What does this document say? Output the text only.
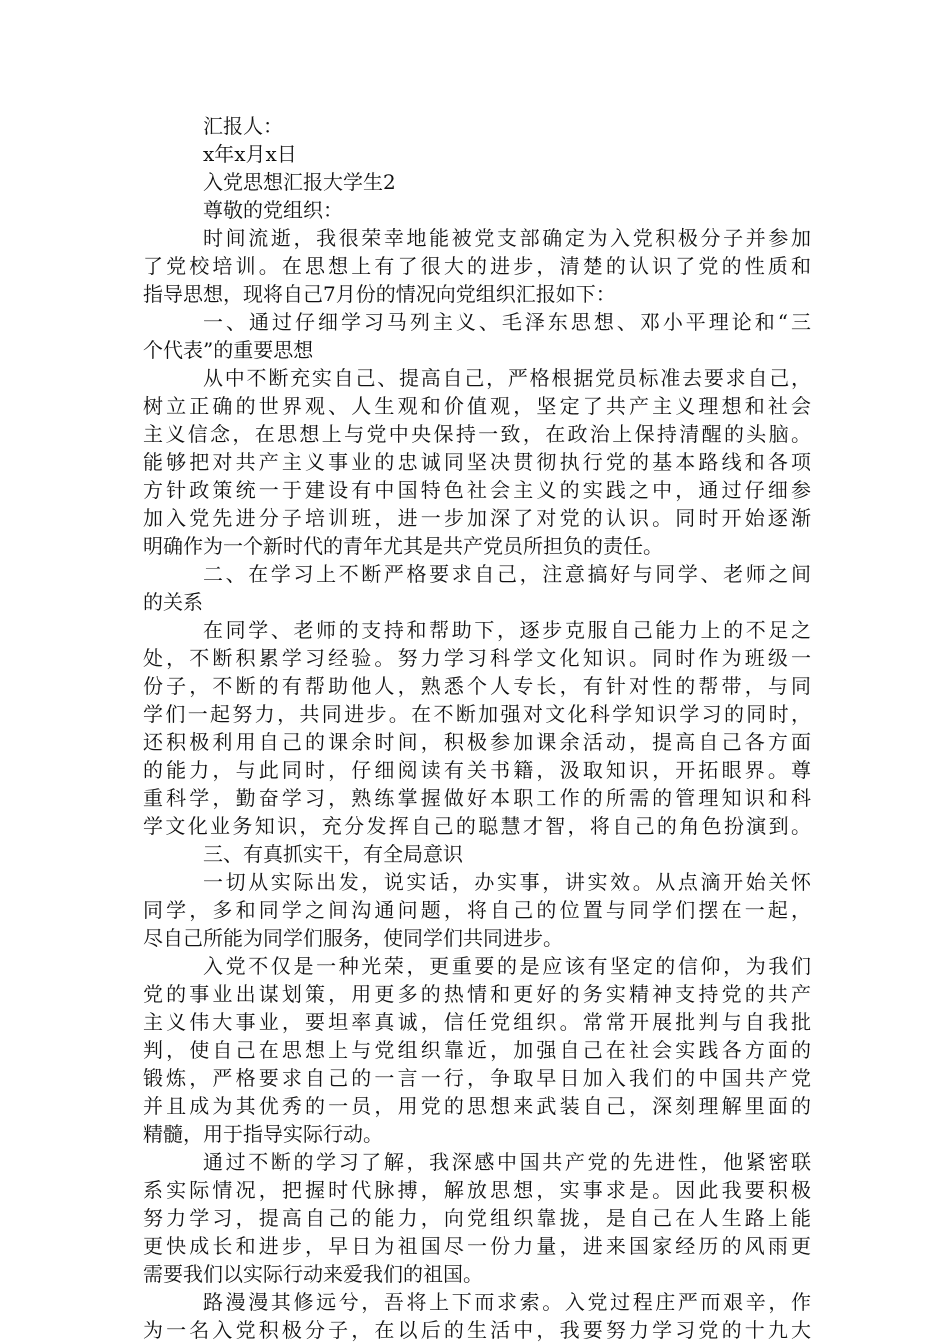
汇报人：
x年x月x日
入党思想汇报大学生2
尊敬的党组织：
时间流逝，我很荣幸地能被党支部确定为入党积极分子并参加
了党校培训。在思想上有了很大的进步，清楚的认识了党的性质和
指导思想，现将自己7月份的情况向党组织汇报如下：
一、通过仔细学习马列主义、毛泽东思想、邓小平理论和“三
个代表”的重要思想
从中不断充实自己、提高自己，严格根据党员标准去要求自己，
树立正确的世界观、人生观和价值观，坚定了共产主义理想和社会
主义信念，在思想上与党中央保持一致，在政治上保持清醒的头脑。
能够把对共产主义事业的忠诚同坚决贯彻执行党的基本路线和各项
方针政策统一于建设有中国特色社会主义的实践之中，通过仔细参
加入党先进分子培训班，进一步加深了对党的认识。同时开始逐渐
明确作为一个新时代的青年尤其是共产党员所担负的责任。
二、在学习上不断严格要求自己，注意搞好与同学、老师之间
的关系
在同学、老师的支持和帮助下，逐步克服自己能力上的不足之
处，不断积累学习经验。努力学习科学文化知识。同时作为班级一
份子，不断的有帮助他人，熟悉个人专长，有针对性的帮带，与同
学们一起努力，共同进步。在不断加强对文化科学知识学习的同时，
还积极利用自己的课余时间，积极参加课余活动，提高自己各方面
的能力，与此同时，仔细阅读有关书籍，汲取知识，开拓眼界。尊
重科学，勤奋学习，熟练掌握做好本职工作的所需的管理知识和科
学文化业务知识，充分发挥自己的聪慧才智，将自己的角色扮演到。
三、有真抓实干，有全局意识
一切从实际出发，说实话，办实事，讲实效。从点滴开始关怀
同学，多和同学之间沟通问题，将自己的位置与同学们摆在一起，
尽自己所能为同学们服务，使同学们共同进步。
入党不仅是一种光荣，更重要的是应该有坚定的信仰，为我们
党的事业出谋划策，用更多的热情和更好的务实精神支持党的共产
主义伟大事业，要坦率真诚，信任党组织。常常开展批判与自我批
判，使自己在思想上与党组织靠近，加强自己在社会实践各方面的
锻炼，严格要求自己的一言一行，争取早日加入我们的中国共产党
并且成为其优秀的一员，用党的思想来武装自己，深刻理解里面的
精髓，用于指导实际行动。
通过不断的学习了解，我深感中国共产党的先进性，他紧密联
系实际情况，把握时代脉搏，解放思想，实事求是。因此我要积极
努力学习，提高自己的能力，向党组织靠拢，是自己在人生路上能
更快成长和进步，早日为祖国尽一份力量，进来国家经历的风雨更
需要我们以实际行动来爱我们的祖国。
路漫漫其修远兮，吾将上下而求索。入党过程庄严而艰辛，作
为一名入党积极分子，在以后的生活中，我要努力学习党的十九大
